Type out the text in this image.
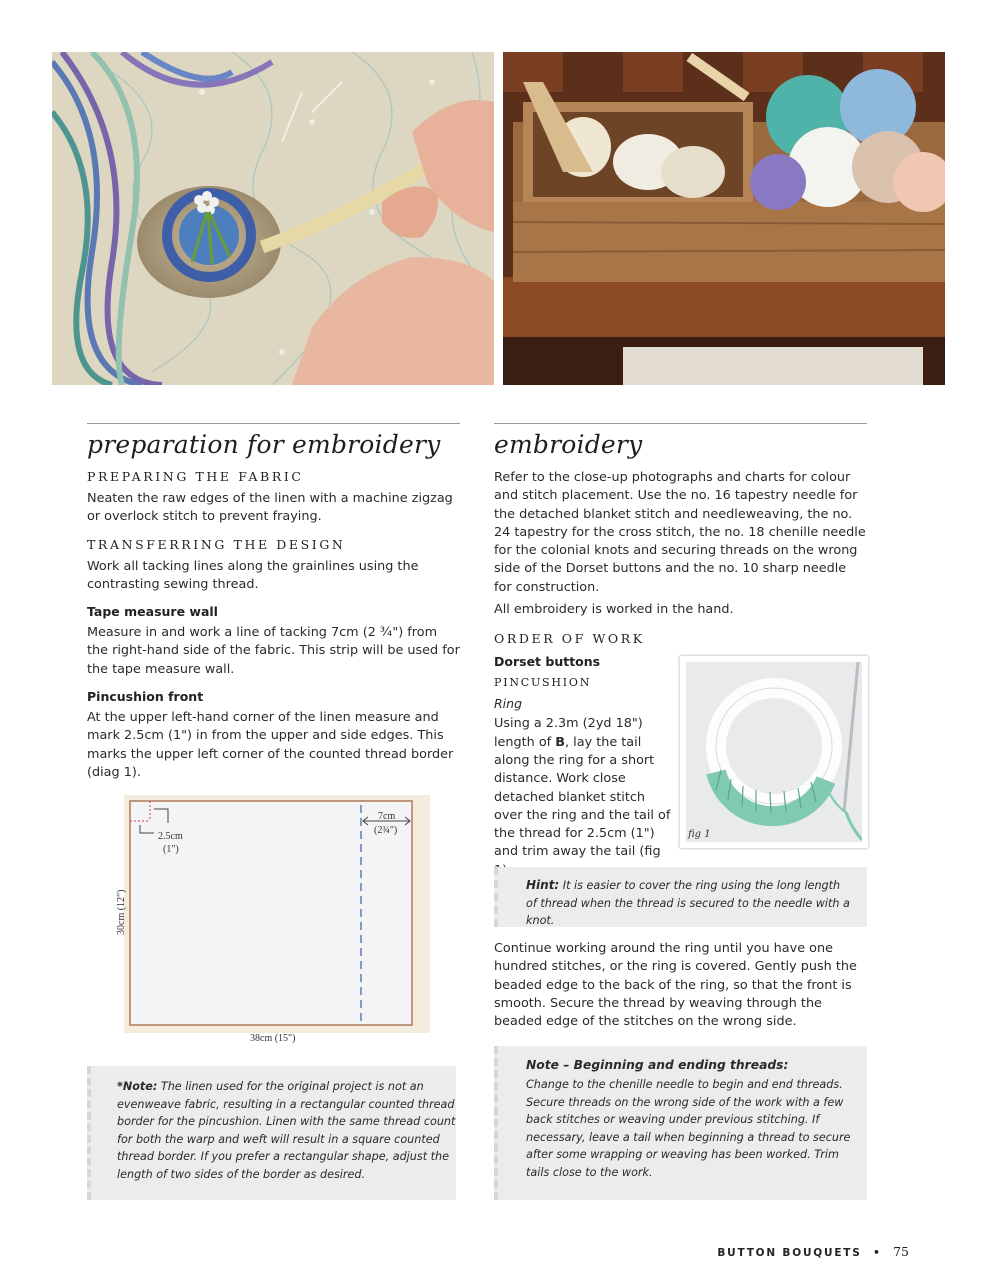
preparation for embroidery
PREPARING THE FABRIC

Neaten the raw edges of the linen with a machine zigzag or overlock stitch to prevent fraying.

TRANSFERRING THE DESIGN

Work all tacking lines along the grainlines using the contrasting sewing thread.

Tape measure wall

Measure in and work a line of tacking 7cm (2 ¾") from the right-hand side of the fabric. This strip will be used for the tape measure wall.

Pincushion front

At the upper left-hand corner of the linen measure and mark 2.5cm (1") in from the upper and side edges. This marks the upper left corner of the counted thread border (diag 1).

2.5cm
(1")
7cm
(2¾")
30cm (12")
38cm (15")

*Note: The linen used for the original project is not an evenweave fabric, resulting in a rectangular counted thread border for the pincushion. Linen with the same thread count for both the warp and weft will result in a square counted thread border. If you prefer a rectangular shape, adjust the length of two sides of the border as desired.

embroidery

Refer to the close-up photographs and charts for colour and stitch placement. Use the no. 16 tapestry needle for the detached blanket stitch and needleweaving, the no. 24 tapestry for the cross stitch, the no. 18 chenille needle for the colonial knots and securing threads on the wrong side of the Dorset buttons and the no. 10 sharp needle for construction.

All embroidery is worked in the hand.

ORDER OF WORK
Dorset buttons
PINCUSHION
Ring

Using a 2.3m (2yd 18") length of B, lay the tail along the ring for a short distance. Work close detached blanket stitch over the ring and the tail of the thread for 2.5cm (1") and trim away the tail (fig

fig 1

Hint: It is easier to cover the ring using the long length of thread when the thread is secured to the needle with a knot.

Continue working around the ring until you have one hundred stitches, or the ring is covered. Gently push the beaded edge to the back of the ring, so that the front is smooth. Secure the thread by weaving through the beaded edge of the stitches on the wrong side.

Note – Beginning and ending threads:

Change to the chenille needle to begin and end threads. Secure threads on the wrong side of the work with a few back stitches or weaving under previous stitching. If necessary, leave a tail when beginning a thread to secure after some wrapping or weaving has been worked. Trim tails close to the work.

BUTTON BOUQUETS • 75
